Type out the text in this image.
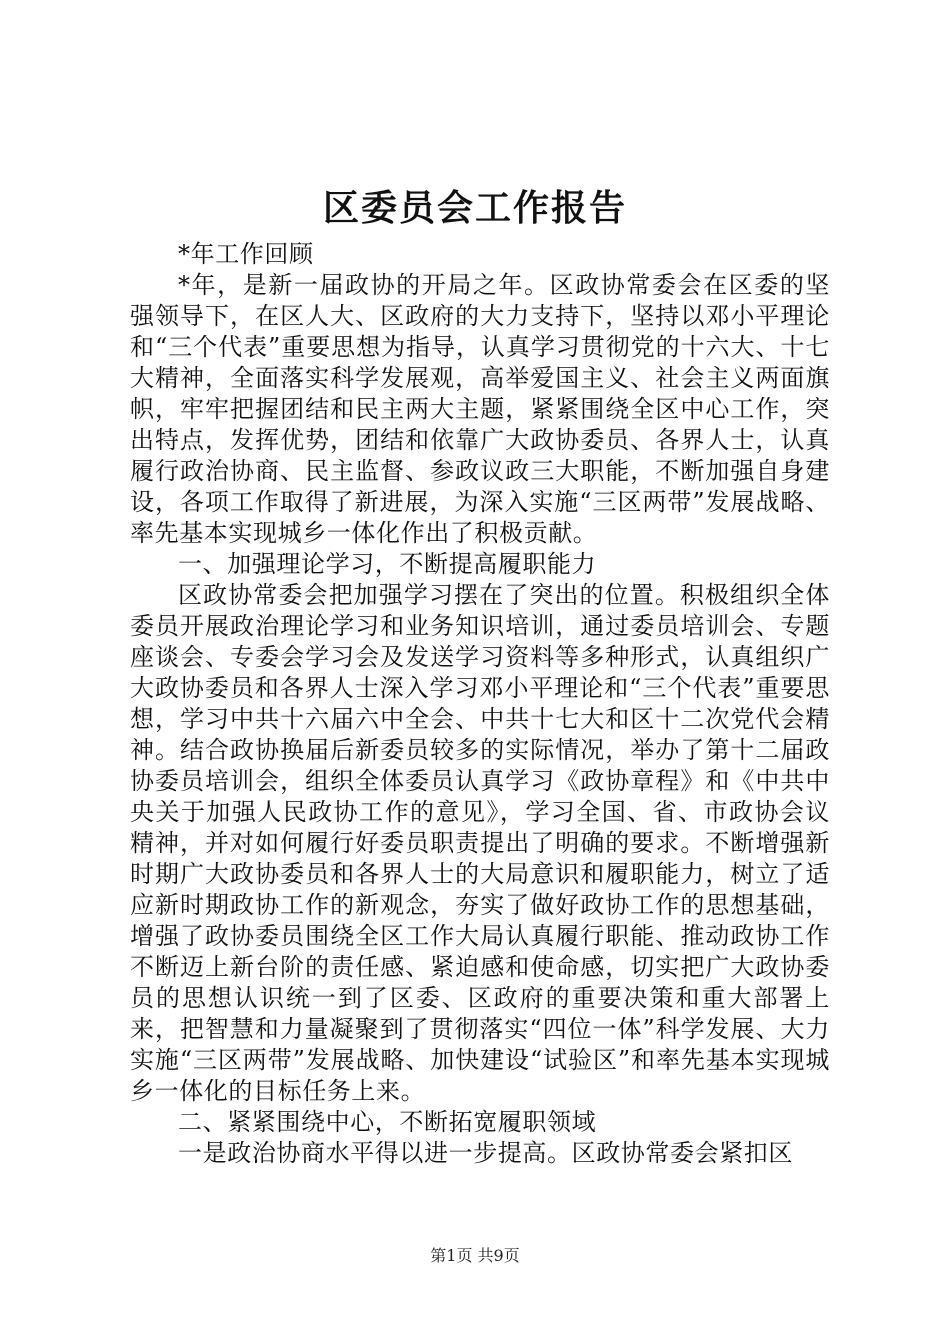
区委员会工作报告

*年工作回顾

*年，是新一届政协的开局之年。区政协常委会在区委的坚强领导下，在区人大、区政府的大力支持下，坚持以邓小平理论和“三个代表”重要思想为指导，认真学习贯彻党的十六大、十七大精神，全面落实科学发展观，高举爱国主义、社会主义两面旗帜，牢牢把握团结和民主两大主题，紧紧围绕全区中心工作，突出特点，发挥优势，团结和依靠广大政协委员、各界人士，认真履行政治协商、民主监督、参政议政三大职能，不断加强自身建设，各项工作取得了新进展，为深入实施“三区两带”发展战略、率先基本实现城乡一体化作出了积极贡献。

一、加强理论学习，不断提高履职能力

区政协常委会把加强学习摆在了突出的位置。积极组织全体委员开展政治理论学习和业务知识培训，通过委员培训会、专题座谈会、专委会学习会及发送学习资料等多种形式，认真组织广大政协委员和各界人士深入学习邓小平理论和“三个代表”重要思想，学习中共十六届六中全会、中共十七大和区十二次党代会精神。结合政协换届后新委员较多的实际情况，举办了第十二届政协委员培训会，组织全体委员认真学习《政协章程》和《中共中央关于加强人民政协工作的意见》，学习全国、省、市政协会议精神，并对如何履行好委员职责提出了明确的要求。不断增强新时期广大政协委员和各界人士的大局意识和履职能力，树立了适应新时期政协工作的新观念，夯实了做好政协工作的思想基础，增强了政协委员围绕全区工作大局认真履行职能、推动政协工作不断迈上新台阶的责任感、紧迫感和使命感，切实把广大政协委员的思想认识统一到了区委、区政府的重要决策和重大部署上来，把智慧和力量凝聚到了贯彻落实“四位一体”科学发展、大力实施“三区两带”发展战略、加快建设“试验区”和率先基本实现城乡一体化的目标任务上来。

二、紧紧围绕中心，不断拓宽履职领域

一是政治协商水平得以进一步提高。区政协常委会紧扣区

第1页 共9页
